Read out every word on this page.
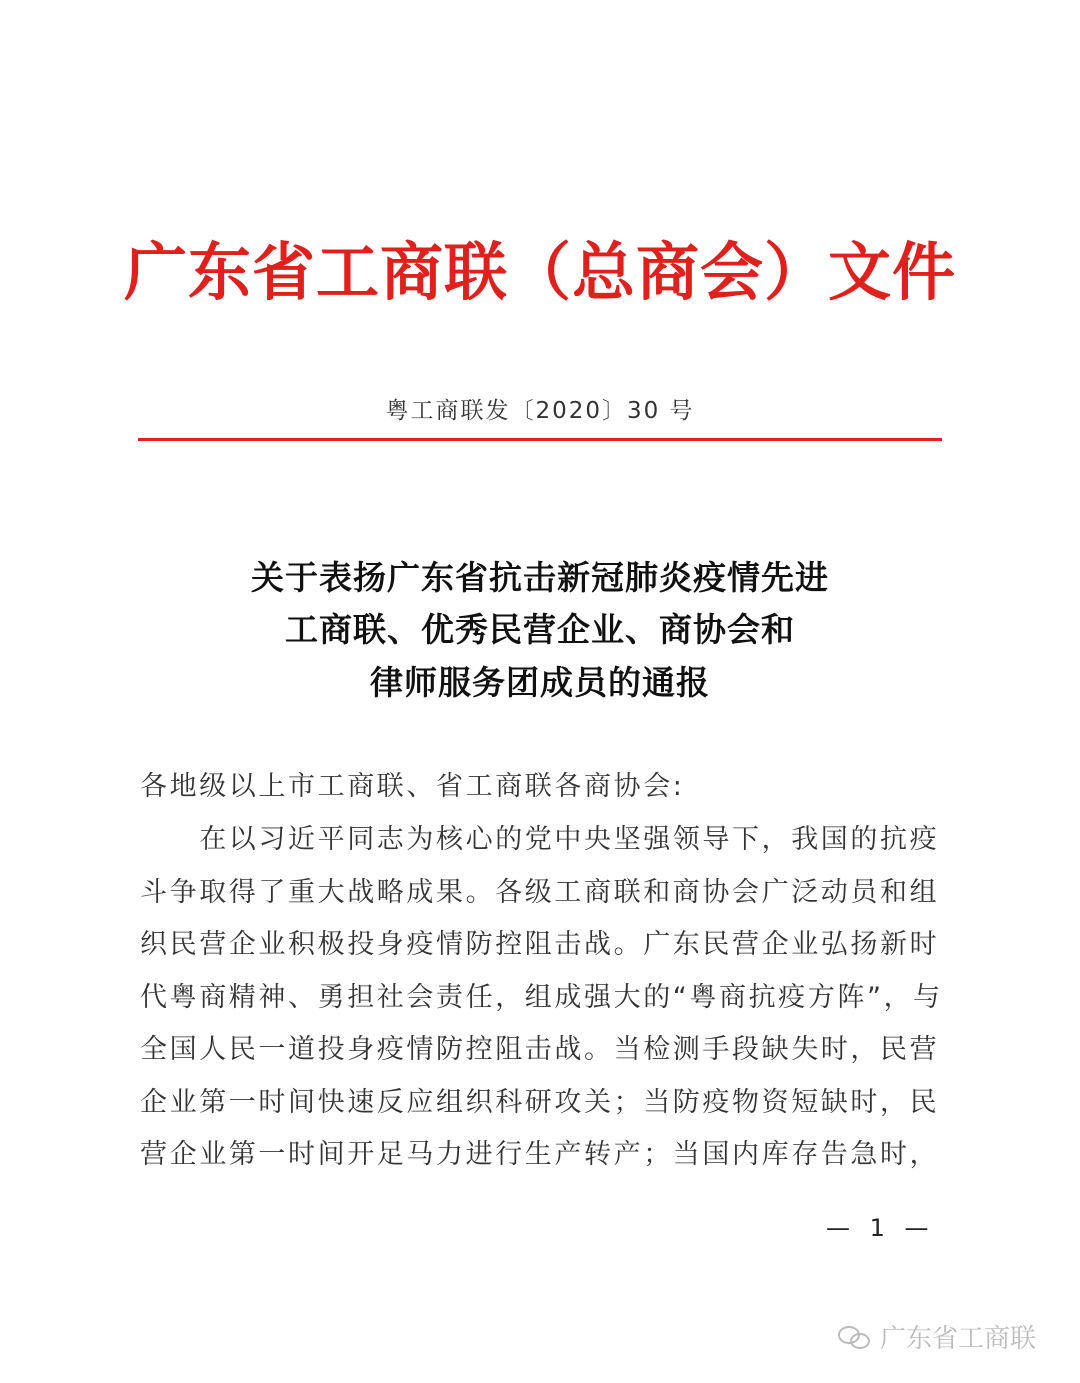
广东省工商联（总商会）文件
粤工商联发〔2020〕30 号
关于表扬广东省抗击新冠肺炎疫情先进
工商联、优秀民营企业、商协会和
律师服务团成员的通报
各地级以上市工商联、省工商联各商协会:
　　在以习近平同志为核心的党中央坚强领导下，我国的抗疫
斗争取得了重大战略成果。各级工商联和商协会广泛动员和组
织民营企业积极投身疫情防控阻击战。广东民营企业弘扬新时
代粤商精神、勇担社会责任，组成强大的“粤商抗疫方阵”，与
全国人民一道投身疫情防控阻击战。当检测手段缺失时，民营
企业第一时间快速反应组织科研攻关；当防疫物资短缺时，民
营企业第一时间开足马力进行生产转产；当国内库存告急时，
— 1 —
广东省工商联
